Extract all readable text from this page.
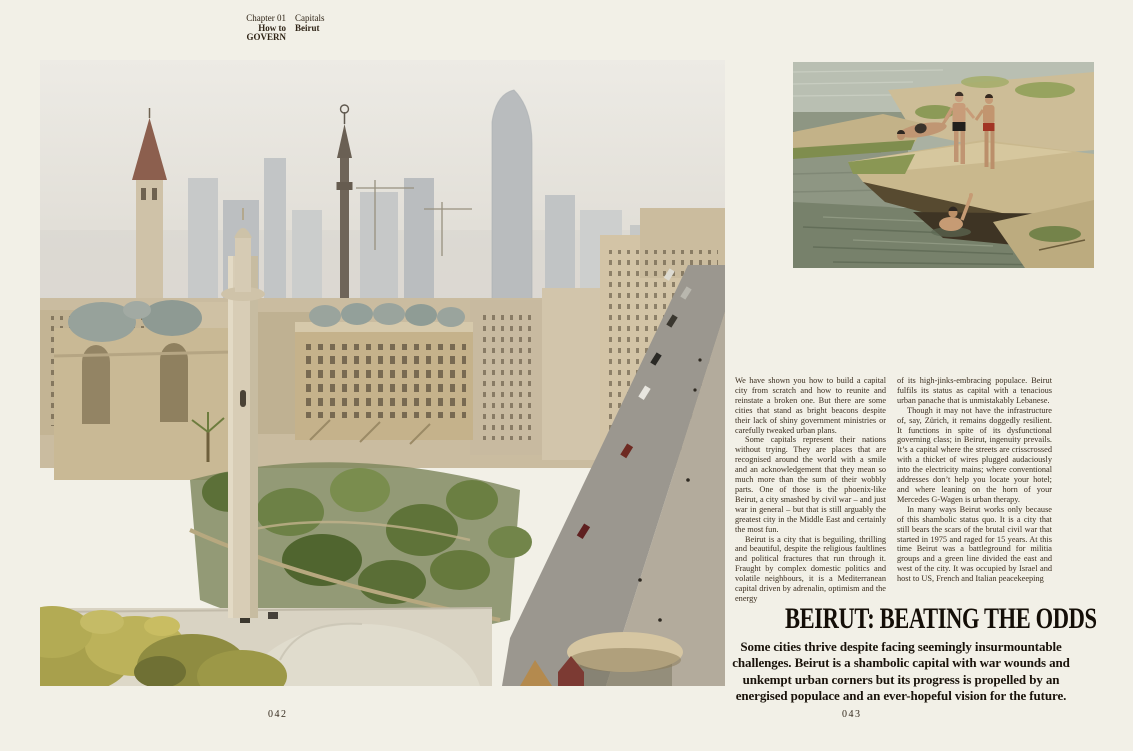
Chapter 01
How to GOVERN
Capitals
Beirut

We have shown you how to build a capital city from scratch and how to reunite and reinstate a broken one. But there are some cities that stand as bright beacons despite their lack of shiny government ministries or carefully tweaked urban plans.

Some capitals represent their nations without trying. They are places that are recognised around the world with a smile and an acknowledgement that they mean so much more than the sum of their wobbly parts. One of those is the phoenix-like Beirut, a city smashed by civil war – and just war in general – but that is still arguably the greatest city in the Middle East and certainly the most fun.

Beirut is a city that is beguiling, thrilling and beautiful, despite the religious faultlines and political fractures that run through it. Fraught by complex domestic politics and volatile neighbours, it is a Mediterranean capital driven by adrenalin, optimism and the energy

of its high-jinks-embracing populace. Beirut fulfils its status as capital with a tenacious urban panache that is unmistakably Lebanese.

Though it may not have the infrastructure of, say, Zürich, it remains doggedly resilient. It functions in spite of its dysfunctional governing class; in Beirut, ingenuity prevails. It’s a capital where the streets are crisscrossed with a thicket of wires plugged audaciously into the electricity mains; where conventional addresses don’t help you locate your hotel; and where leaning on the horn of your Mercedes G-Wagen is urban therapy.

In many ways Beirut works only because of this shambolic status quo. It is a city that still bears the scars of the brutal civil war that started in 1975 and raged for 15 years. At this time Beirut was a battleground for militia groups and a green line divided the east and west of the city. It was occupied by Israel and host to US, French and Italian peacekeeping

BEIRUT: BEATING THE ODDS
Some cities thrive despite facing seemingly insurmountable challenges. Beirut is a shambolic capital with war wounds and unkempt urban corners but its progress is propelled by an energised populace and an ever-hopeful vision for the future.
042	043
